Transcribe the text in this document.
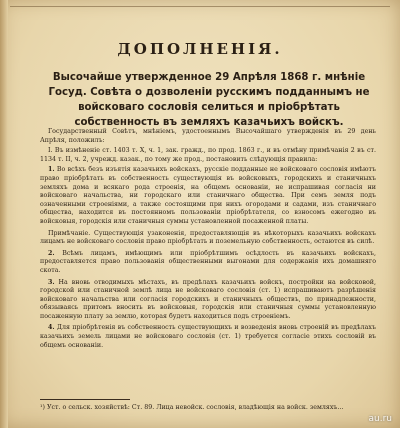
ДОПОЛНЕНІЯ.
Высочайше утвержденное 29 Апрѣля 1868 г. мнѣніе Госуд. Совѣта о дозволеніи русскимъ подданнымъ не войсковаго сословія селиться и пріобрѣтать собственность въ земляхъ казачьихъ войскъ.

Государственный Совѣтъ, мнѣніемъ, удостоеннымъ Высочайшаго утвержденія въ 29 день Апрѣля, положилъ:

I. Въ измѣненіе ст. 1403 т. X, ч. 1, зак. гражд., по прод. 1863 г., и въ отмѣну примѣчанія 2 въ ст. 1134 т. II, ч. 2, учрежд. казак., по тому же прод., постановить слѣдующія правила:

1. Во всѣхъ безъ изъятія казачьихъ войскахъ, русскіе подданные не войсковаго сословія имѣютъ право пріобрѣтать въ собственность существующія въ войсковыхъ, городскихъ и станичныхъ земляхъ дома и всякаго рода строенія, на общемъ основаніи, не испрашивая согласія ни войсковаго начальства, ни городскаго или станичнаго общества. При семъ земля подъ означенными строеніями, а также состоящими при нихъ огородами и садами, изъ станичнаго общества, находится въ постоянномъ пользованіи пріобрѣтателя, со взносомъ ежегодно въ войсковыя, городскія или станичныя суммы установленной посаженной платы.

Примѣчаніе. Существующія узаконенія, предоставляющія въ нѣкоторыхъ казачьихъ войскахъ лицамъ не войсковаго сословія право пріобрѣтать и поземельную собственность, остаются въ силѣ.

2. Всѣмъ лицамъ, имѣющимъ или пріобрѣтшимъ осѣдлость въ казачьихъ войскахъ, предоставляется право пользованія общественными выгонами для содержанія ихъ домашняго скота.

3. На вновь отводимыхъ мѣстахъ, въ предѣлахъ казачьихъ войскъ, постройки на войсковой, городской или станичной землѣ лица не войсковаго сословія (ст. 1) испрашиваютъ разрѣшенія войсковаго начальства или согласія городскихъ и станичныхъ обществъ, по принадлежности, обязываясь притомъ вносить въ войсковыя, городскія или станичныя суммы установленную посаженную плату за землю, которая будетъ находиться подъ строеніемъ.

4. Для пріобрѣтенія въ собственность существующихъ и возведенія вновь строеній въ предѣлахъ казачьихъ земель лицами не войсковаго сословія (ст. 1) требуется согласіе этихъ сословій въ общемъ основаніи.

¹) Уст. о сельск. хозяйствѣ: Ст. 89. Лица невойск. сословія, владѣющія на войск. земляхъ...
au.ru
